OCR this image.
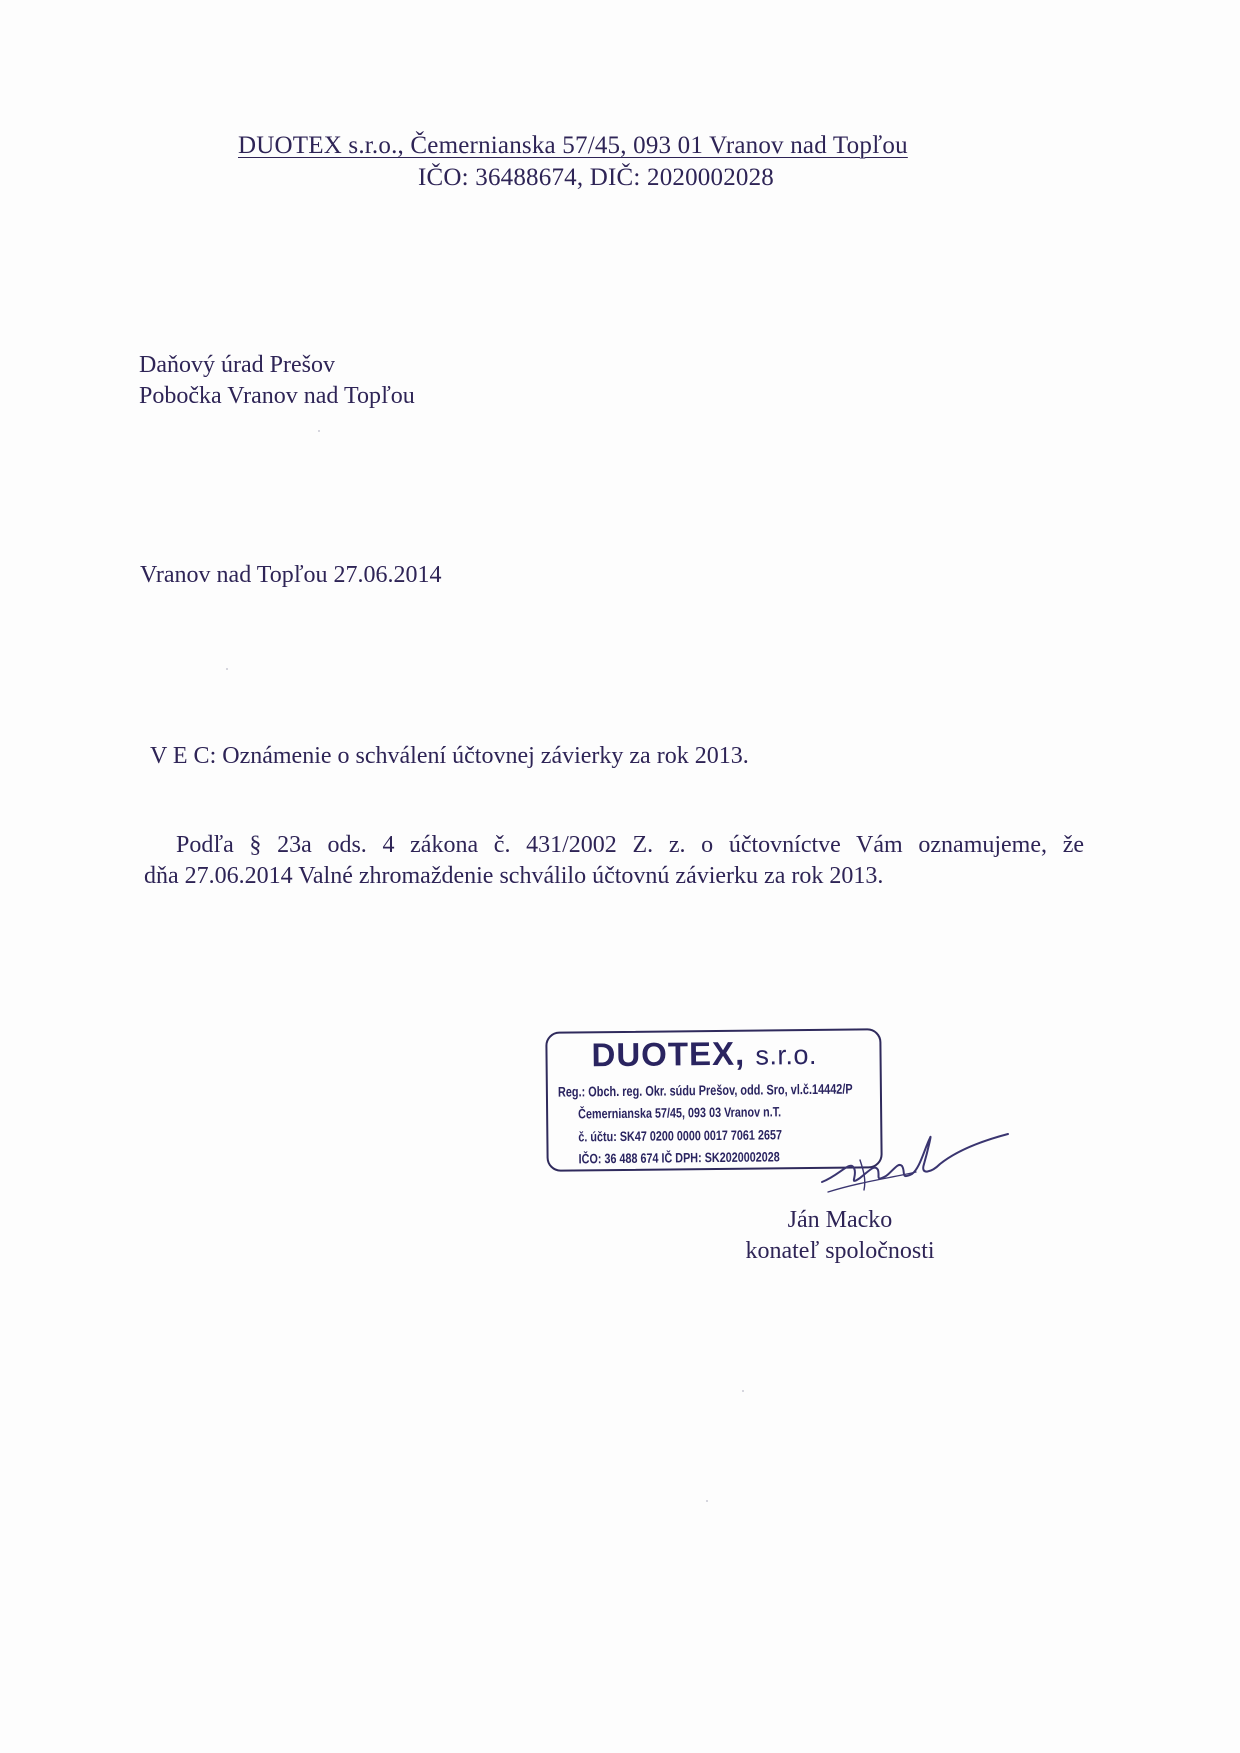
DUOTEX s.r.o., Čemernianska 57/45, 093 01 Vranov nad Topľou
IČO: 36488674, DIČ: 2020002028
Daňový úrad Prešov
Pobočka Vranov nad Topľou
Vranov nad Topľou 27.06.2014
V E C: Oznámenie o schválení účtovnej závierky za rok 2013.
Podľa § 23a ods. 4 zákona č. 431/2002 Z. z. o účtovníctve Vám oznamujeme, že
dňa 27.06.2014 Valné zhromaždenie schválilo účtovnú závierku za rok 2013.
DUOTEX, s.r.o.
Reg.: Obch. reg. Okr. súdu Prešov, odd. Sro, vl.č.14442/P
Čemernianska 57/45, 093 03 Vranov n.T.
č. účtu: SK47 0200 0000 0017 7061 2657
IČO: 36 488 674 IČ DPH: SK2020002028
Ján Macko
konateľ spoločnosti
